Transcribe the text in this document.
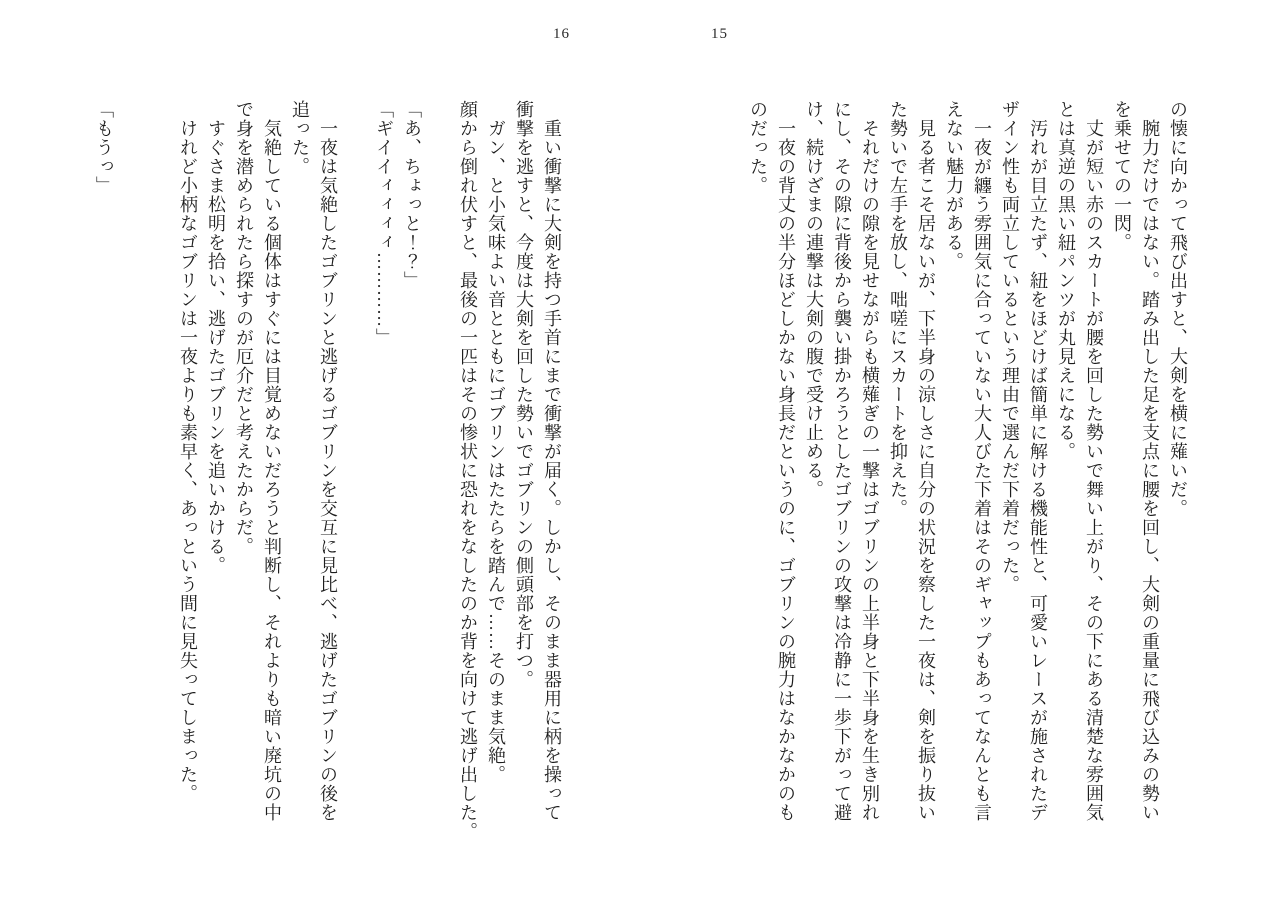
16	15
重い衝撃に大剣を持つ手首にまで衝撃が届く。しかし、そのまま器用に柄を操って
衝撃を逃すと、今度は大剣を回した勢いでゴブリンの側頭部を打つ。
ガン、と小気味よい音とともにゴブリンはたたらを踏んで……そのまま気絶。
顔から倒れ伏すと、最後の一匹はその惨状に恐れをなしたのか背を向けて逃げ出した。
「あ、ちょっと！？」
「ギイイィィィィ…………」
一夜は気絶したゴブリンと逃げるゴブリンを交互に見比べ、逃げたゴブリンの後を
追った。
気絶している個体はすぐには目覚めないだろうと判断し、それよりも暗い廃坑の中
で身を潜められたら探すのが厄介だと考えたからだ。
すぐさま松明を拾い、逃げたゴブリンを追いかける。
けれど小柄なゴブリンは一夜よりも素早く、あっという間に見失ってしまった。
「もうっ」	の懐に向かって飛び出すと、大剣を横に薙いだ。
腕力だけではない。踏み出した足を支点に腰を回し、大剣の重量に飛び込みの勢い
を乗せての一閃。
丈が短い赤のスカートが腰を回した勢いで舞い上がり、その下にある清楚な雰囲気
とは真逆の黒い紐パンツが丸見えになる。
汚れが目立たず、紐をほどけば簡単に解ける機能性と、可愛いレースが施されたデ
ザイン性も両立しているという理由で選んだ下着だった。
一夜が纏う雰囲気に合っていない大人びた下着はそのギャップもあってなんとも言
えない魅力がある。
見る者こそ居ないが、下半身の涼しさに自分の状況を察した一夜は、剣を振り抜い
た勢いで左手を放し、咄嗟にスカートを抑えた。
それだけの隙を見せながらも横薙ぎの一撃はゴブリンの上半身と下半身を生き別れ
にし、その隙に背後から襲い掛かろうとしたゴブリンの攻撃は冷静に一歩下がって避
け、続けざまの連撃は大剣の腹で受け止める。
一夜の背丈の半分ほどしかない身長だというのに、ゴブリンの腕力はなかなかのも
のだった。
